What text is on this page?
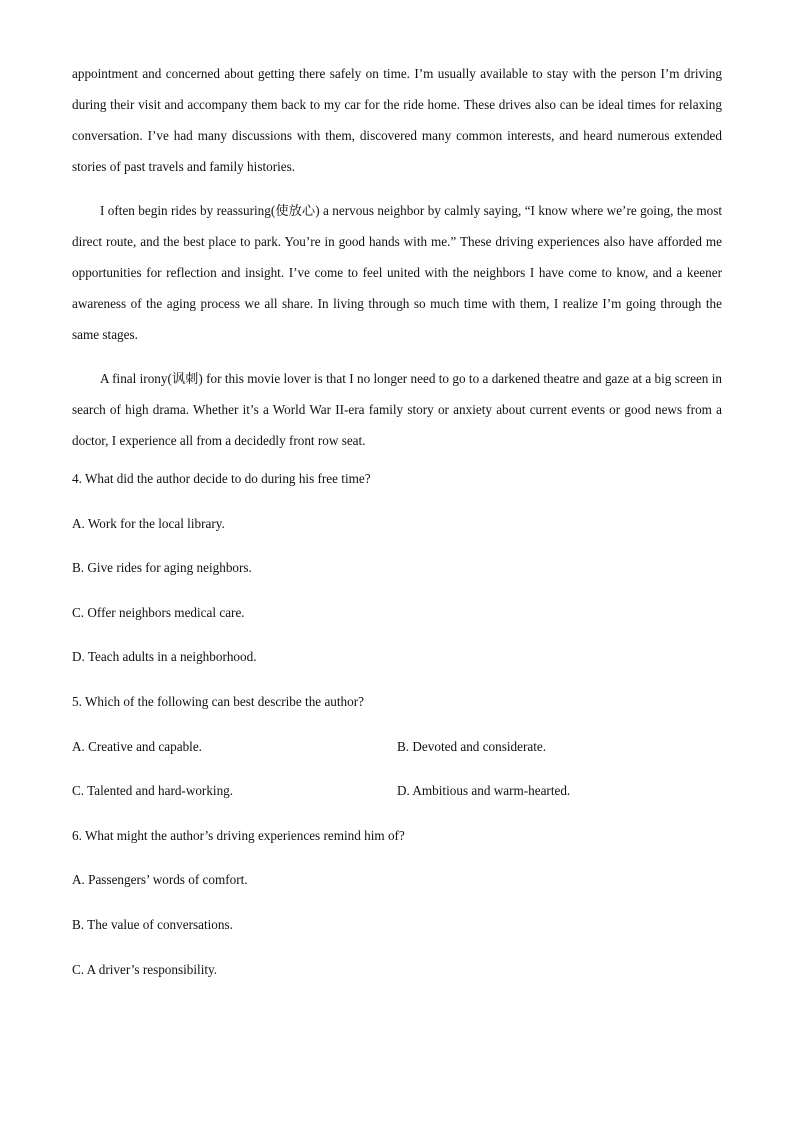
appointment and concerned about getting there safely on time. I’m usually available to stay with the person I’m driving during their visit and accompany them back to my car for the ride home. These drives also can be ideal times for relaxing conversation. I’ve had many discussions with them, discovered many common interests, and heard numerous extended stories of past travels and family histories.

I often begin rides by reassuring(使放心) a nervous neighbor by calmly saying, “I know where we’re going, the most direct route, and the best place to park. You’re in good hands with me.” These driving experiences also have afforded me opportunities for reflection and insight. I’ve come to feel united with the neighbors I have come to know, and a keener awareness of the aging process we all share. In living through so much time with them, I realize I’m going through the same stages.

A final irony(讽刺) for this movie lover is that I no longer need to go to a darkened theatre and gaze at a big screen in search of high drama. Whether it’s a World War II-era family story or anxiety about current events or good news from a doctor, I experience all from a decidedly front row seat.

4. What did the author decide to do during his free time?

A. Work for the local library.

B. Give rides for aging neighbors.

C. Offer neighbors medical care.

D. Teach adults in a neighborhood.

5. Which of the following can best describe the author?

A. Creative and capable.	B. Devoted and considerate.
C. Talented and hard-working.	D. Ambitious and warm-hearted.

6. What might the author’s driving experiences remind him of?

A. Passengers’ words of comfort.

B. The value of conversations.

C. A driver’s responsibility.
